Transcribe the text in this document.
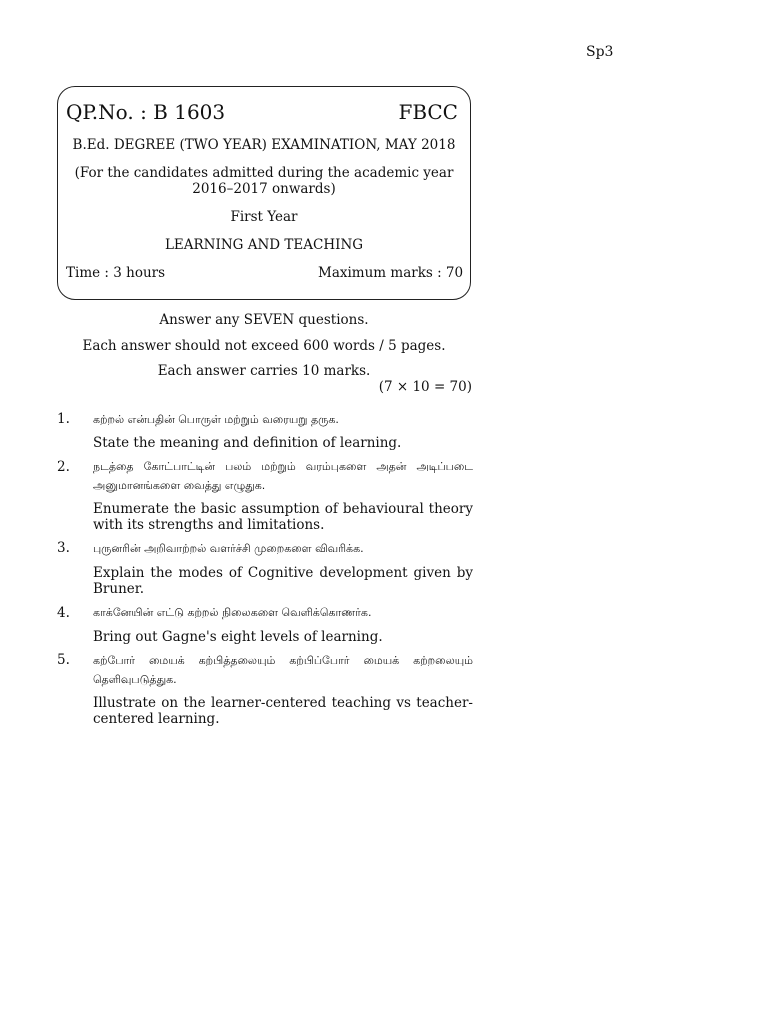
Sp3
QP.No. : B 1603	FBCC
B.Ed. DEGREE (TWO YEAR) EXAMINATION, MAY 2018
(For the candidates admitted during the academic year 2016–2017 onwards)
First Year
LEARNING AND TEACHING
Time : 3 hours	Maximum marks : 70
Answer any SEVEN questions.
Each answer should not exceed 600 words / 5 pages.
Each answer carries 10 marks.
(7 × 10 = 70)
1. கற்றல் என்பதின் பொருள் மற்றும் வரையறு தருக.
State the meaning and definition of learning.
2. நடத்தை கோட்பாட்டின் பலம் மற்றும் வரம்புகளை அதன் அடிப்படை அனுமானங்களை வைத்து எழுதுக.
Enumerate the basic assumption of behavioural theory with its strengths and limitations.
3. புருனரின் அறிவாற்றல் வளர்ச்சி முறைகளை விவரிக்க.
Explain the modes of Cognitive development given by Bruner.
4. காக்னேயின் எட்டு கற்றல் நிலைகளை வெளிக்கொணர்க.
Bring out Gagne's eight levels of learning.
5. கற்போர் மையக் கற்பித்தலையும் கற்பிப்போர் மையக் கற்றலையும் தெளிவுபடுத்துக.
Illustrate on the learner-centered teaching vs teacher-centered learning.
